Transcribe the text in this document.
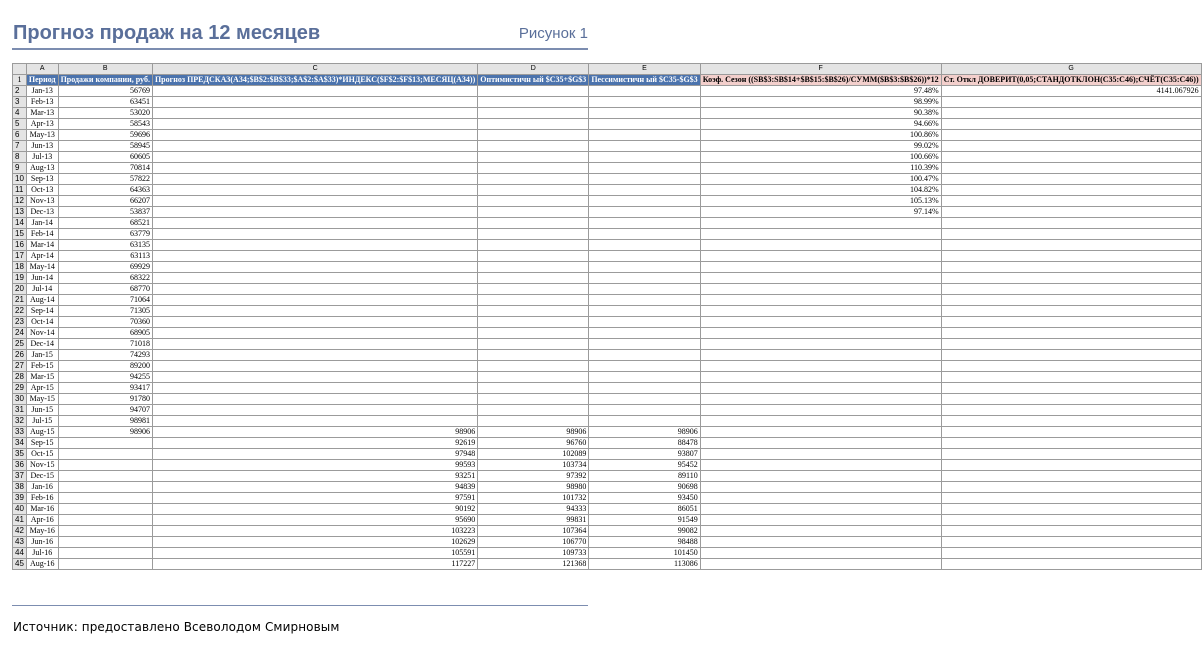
Прогноз продаж на 12 месяцев	Рисунок 1
	A	B	C	D	E	F	G
1	Период	Продажи компании, руб.	Прогноз ПРЕДСКАЗ(A34;$B$2:$B$33;$A$2:$A$33)*ИНДЕКС($F$2:$F$13;МЕСЯЦ(A34))	Оптимистичн ый $C35+$G$3	Пессимистичн ый $C35-$G$3	Коэф. Сезон ((SB$3:SB$14+$B$15:$B$26)/СУММ($B$3:$B$26))*12	Ст. Откл ДОВЕРИТ(0,05;СТАНДОТКЛОН(C35:C46);СЧЁТ(C35:C46))
2	Jan-13	56769				97.48%	4141.067926
3	Feb-13	63451				98.99%	
4	Mar-13	53020				90.38%	
5	Apr-13	58543				94.66%	
6	May-13	59696				100.86%	
7	Jun-13	58945				99.02%	
8	Jul-13	60605				100.66%	
9	Aug-13	70814				110.39%	
10	Sep-13	57822				100.47%	
11	Oct-13	64363				104.82%	
12	Nov-13	66207				105.13%	
13	Dec-13	53837				97.14%	
14	Jan-14	68521					
15	Feb-14	63779					
16	Mar-14	63135					
17	Apr-14	63113					
18	May-14	69929					
19	Jun-14	68322					
20	Jul-14	68770					
21	Aug-14	71064					
22	Sep-14	71305					
23	Oct-14	70360					
24	Nov-14	68905					
25	Dec-14	71018					
26	Jan-15	74293					
27	Feb-15	89200					
28	Mar-15	94255					
29	Apr-15	93417					
30	May-15	91780					
31	Jun-15	94707					
32	Jul-15	98981					
33	Aug-15	98906	98906	98906	98906		
34	Sep-15		92619	96760	88478		
35	Oct-15		97948	102089	93807		
36	Nov-15		99593	103734	95452		
37	Dec-15		93251	97392	89110		
38	Jan-16		94839	98980	90698		
39	Feb-16		97591	101732	93450		
40	Mar-16		90192	94333	86051		
41	Apr-16		95690	99831	91549		
42	May-16		103223	107364	99082		
43	Jun-16		102629	106770	98488		
44	Jul-16		105591	109733	101450		
45	Aug-16		117227	121368	113086		
Источник: предоставлено Всеволодом Смирновым
